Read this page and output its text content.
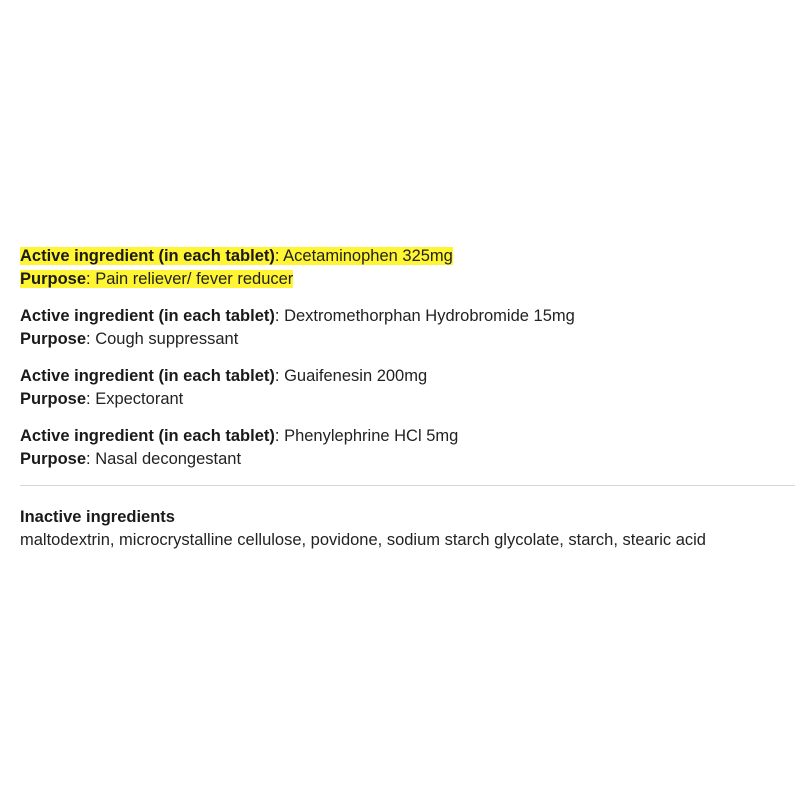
Active ingredient (in each tablet): Acetaminophen 325mg
Purpose: Pain reliever/ fever reducer
Active ingredient (in each tablet): Dextromethorphan Hydrobromide 15mg
Purpose: Cough suppressant
Active ingredient (in each tablet): Guaifenesin 200mg
Purpose: Expectorant
Active ingredient (in each tablet): Phenylephrine HCl 5mg
Purpose: Nasal decongestant
Inactive ingredients
maltodextrin, microcrystalline cellulose, povidone, sodium starch glycolate, starch, stearic acid
